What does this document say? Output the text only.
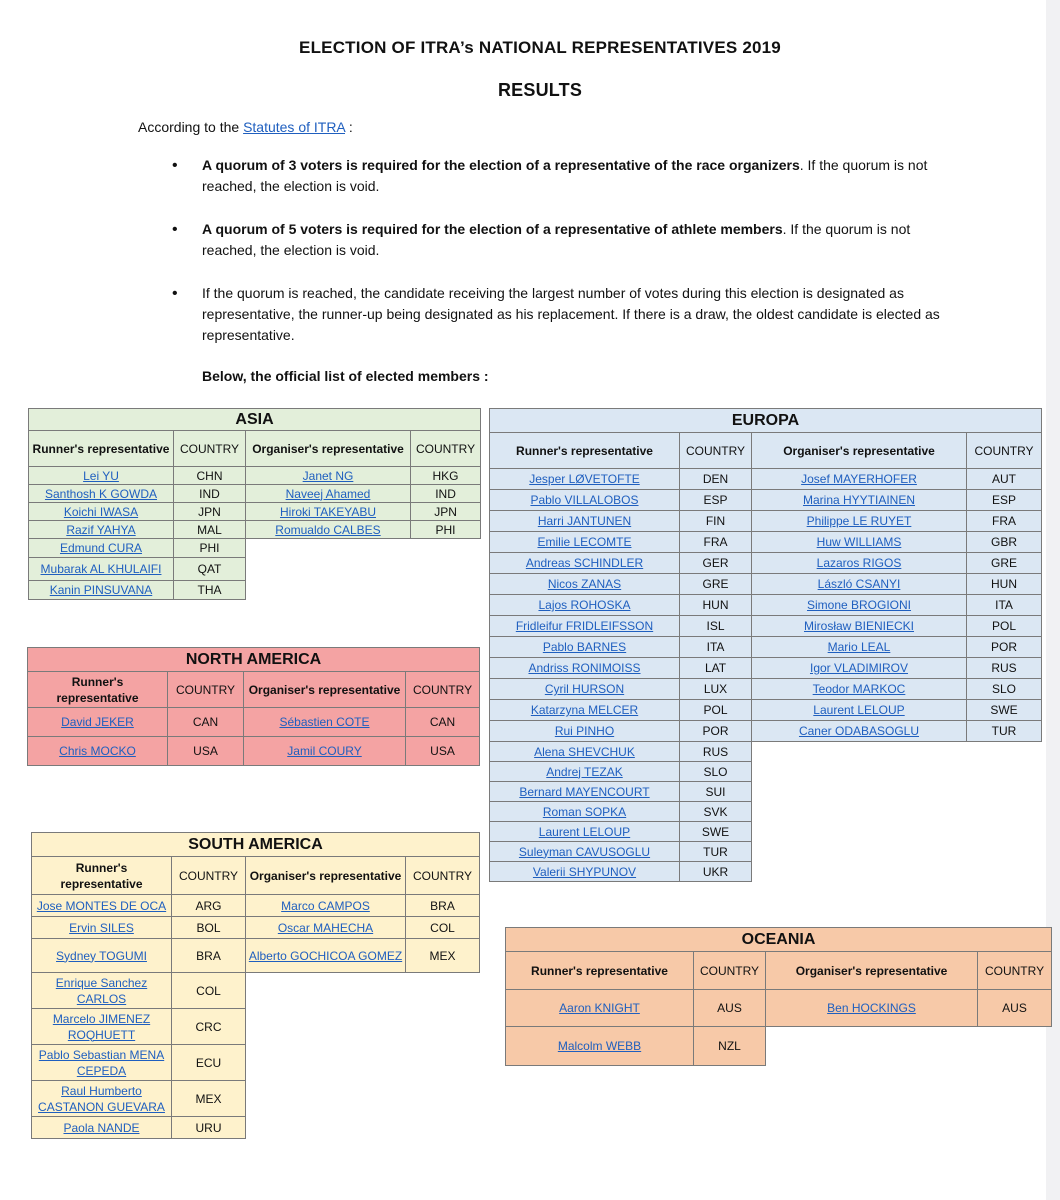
ELECTION OF ITRA’s NATIONAL REPRESENTATIVES 2019
RESULTS
According to the Statutes of ITRA :
• A quorum of 3 voters is required for the election of a representative of the race organizers. If the quorum is not reached, the election is void.
• A quorum of 5 voters is required for the election of a representative of athlete members. If the quorum is not reached, the election is void.
• If the quorum is reached, the candidate receiving the largest number of votes during this election is designated as representative, the runner-up being designated as his replacement. If there is a draw, the oldest candidate is elected as representative.
Below, the official list of elected members :
ASIA			
Runner's representative	COUNTRY	Organiser's representative	COUNTRY
Lei YU	CHN	Janet NG	HKG
Santhosh K GOWDA	IND	Naveej Ahamed	IND
Koichi IWASA	JPN	Hiroki TAKEYABU	JPN
Razif YAHYA	MAL	Romualdo CALBES	PHI
Edmund CURA	PHI		
Mubarak AL KHULAIFI	QAT		
Kanin PINSUVANA	THA		
EUROPA			
Runner's representative	COUNTRY	Organiser's representative	COUNTRY
Jesper LØVETOFTE	DEN	Josef MAYERHOFER	AUT
Pablo VILLALOBOS	ESP	Marina HYYTIAINEN	ESP
Harri JANTUNEN	FIN	Philippe LE RUYET	FRA
Emilie LECOMTE	FRA	Huw WILLIAMS	GBR
Andreas SCHINDLER	GER	Lazaros RIGOS	GRE
Nicos ZANAS	GRE	László CSANYI	HUN
Lajos ROHOSKA	HUN	Simone BROGIONI	ITA
Fridleifur FRIDLEIFSSON	ISL	Mirosław BIENIECKI	POL
Pablo BARNES	ITA	Mario LEAL	POR
Andriss RONIMOISS	LAT	Igor VLADIMIROV	RUS
Cyril HURSON	LUX	Teodor MARKOC	SLO
Katarzyna MELCER	POL	Laurent LELOUP	SWE
Rui PINHO	POR	Caner ODABASOGLU	TUR
Alena SHEVCHUK	RUS		
Andrej TEZAK	SLO		
Bernard MAYENCOURT	SUI		
Roman SOPKA	SVK		
Laurent LELOUP	SWE		
Suleyman CAVUSOGLU	TUR		
Valerii SHYPUNOV	UKR		
NORTH AMERICA			
Runner's representative	COUNTRY	Organiser's representative	COUNTRY
David JEKER	CAN	Sébastien COTE	CAN
Chris MOCKO	USA	Jamil COURY	USA
SOUTH AMERICA			
Runner's representative	COUNTRY	Organiser's representative	COUNTRY
Jose MONTES DE OCA	ARG	Marco CAMPOS	BRA
Ervin SILES	BOL	Oscar MAHECHA	COL
Sydney TOGUMI	BRA	Alberto GOCHICOA GOMEZ	MEX
Enrique Sanchez CARLOS	COL		
Marcelo JIMENEZ ROQHUETT	CRC		
Pablo Sebastian MENA CEPEDA	ECU		
Raul Humberto CASTANON GUEVARA	MEX		
Paola NANDE	URU		
OCEANIA			
Runner's representative	COUNTRY	Organiser's representative	COUNTRY
Aaron KNIGHT	AUS	Ben HOCKINGS	AUS
Malcolm WEBB	NZL		
